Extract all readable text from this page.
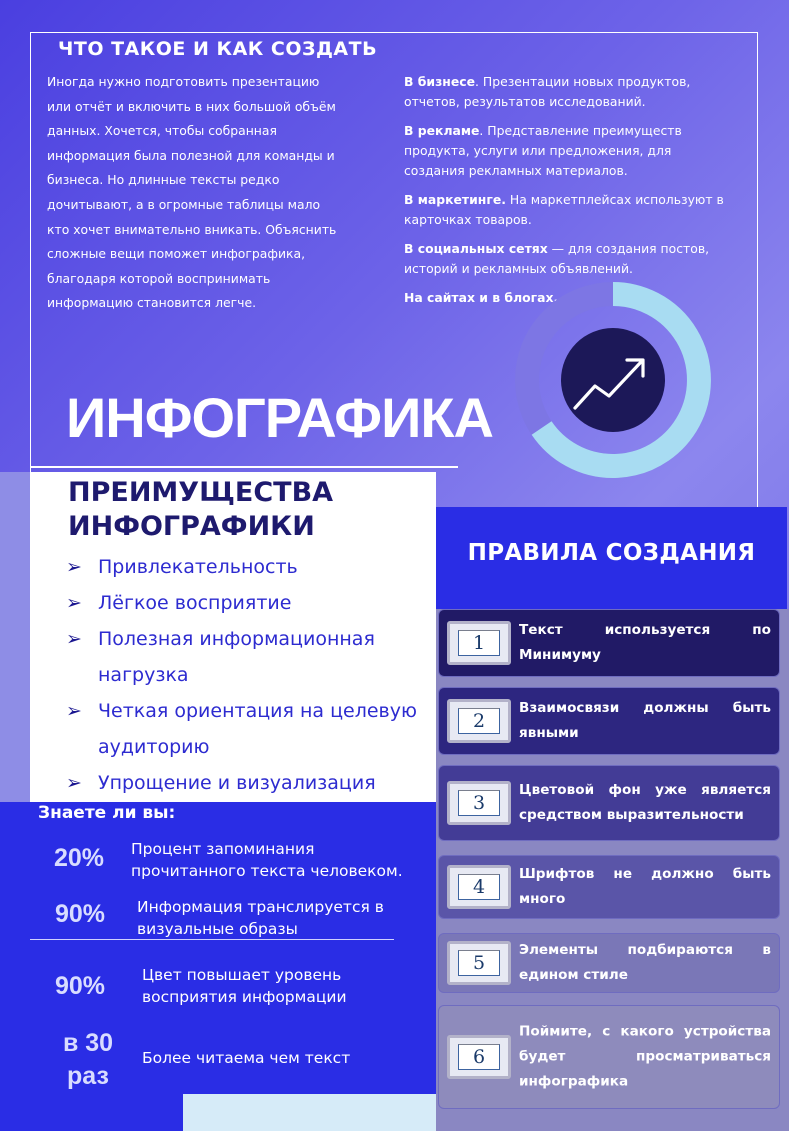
ЧТО ТАКОЕ И КАК СОЗДАТЬ
Иногда нужно подготовить презентацию
или отчёт и включить в них большой объём
данных. Хочется, чтобы собранная
информация была полезной для команды и
бизнеса. Но длинные тексты редко
дочитывают, а в огромные таблицы мало
кто хочет внимательно вникать. Объяснить
сложные вещи поможет инфографика,
благодаря которой воспринимать
информацию становится легче.

В бизнесе. Презентации новых продуктов, отчетов, результатов исследований.

В рекламе. Представление преимуществ продукта, услуги или предложения, для создания рекламных материалов.

В маркетинге. На маркетплейсах используют в карточках товаров.

В социальных сетях — для создания постов, историй и рекламных объявлений.

На сайтах и в блогах.

ИНФОГРАФИКА
ПРЕИМУЩЕСТВА
ИНФОГРАФИКИ
➢ Привлекательность
➢ Лёгкое восприятие
➢ Полезная информационная нагрузка
➢ Четкая ориентация на целевую аудиторию
➢ Упрощение и визуализация
ПРАВИЛА СОЗДАНИЯ
1
Текст используется по Минимуму
2
Взаимосвязи должны быть явными
3
Цветовой фон уже является средством выразительности
4
Шрифтов не должно быть много
5
Элементы подбираются в едином стиле
6
Поймите, с какого устройства будет просматриваться инфографика
Знаете ли вы:
20% Процент запоминания
прочитанного текста человеком.
90% Информация транслируется в
визуальные образы
90% Цвет повышает уровень
восприятия информации
в 30
раз
Более читаема чем текст
